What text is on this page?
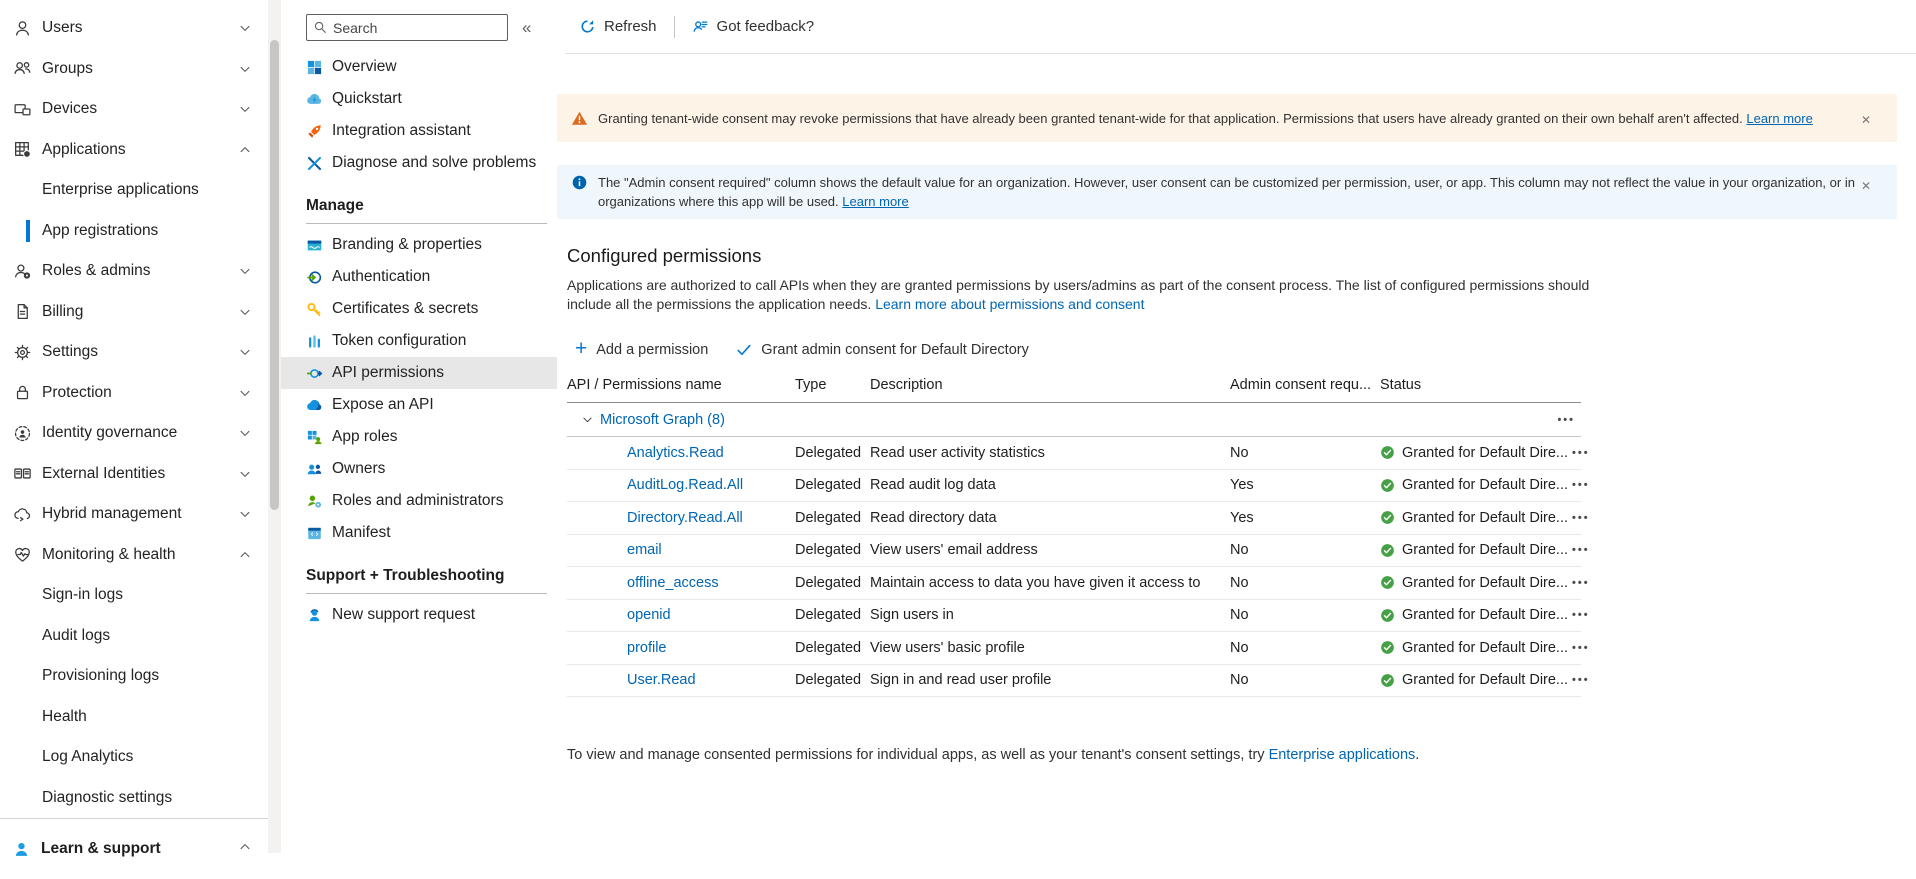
Users
Groups
Devices
Applications
Enterprise applications
App registrations
Roles & admins
Billing
Settings
Protection
Identity governance
External Identities
Hybrid management
Monitoring & health
Sign-in logs
Audit logs
Provisioning logs
Health
Log Analytics
Diagnostic settings
Learn & support
Search
«
Overview
Quickstart
Integration assistant
Diagnose and solve problems
Manage
Branding & properties
Authentication
Certificates & secrets
Token configuration
API permissions
Expose an API
App roles
Owners
Roles and administrators
Manifest
Support + Troubleshooting
New support request
Refresh	Got feedback?
Granting tenant-wide consent may revoke permissions that have already been granted tenant-wide for that application. Permissions that users have already granted on their own behalf aren't affected. Learn more	✕
The "Admin consent required" column shows the default value for an organization. However, user consent can be customized per permission, user, or app. This column may not reflect the value in your organization, or in organizations where this app will be used. Learn more
✕
Configured permissions

Applications are authorized to call APIs when they are granted permissions by users/admins as part of the consent process. The list of configured permissions should include all the permissions the application needs. Learn more about permissions and consent

+ Add a permission	Grant admin consent for Default Directory
API / Permissions name	Type	Description	Admin consent requ... Status
Microsoft Graph (8)	•••
Analytics.Read	Delegated Read user activity statistics	No	Granted for Default Dire... •••
AuditLog.Read.All	Delegated Read audit log data	Yes	Granted for Default Dire... •••
Directory.Read.All	Delegated Read directory data	Yes	Granted for Default Dire... •••
email	Delegated View users' email address	No	Granted for Default Dire... •••
offline_access	Delegated Maintain access to data you have given it access to	No	Granted for Default Dire... •••
openid	Delegated Sign users in	No	Granted for Default Dire... •••
profile	Delegated View users' basic profile	No	Granted for Default Dire... •••
User.Read	Delegated Sign in and read user profile	No	Granted for Default Dire... •••

To view and manage consented permissions for individual apps, as well as your tenant's consent settings, try Enterprise applications.
